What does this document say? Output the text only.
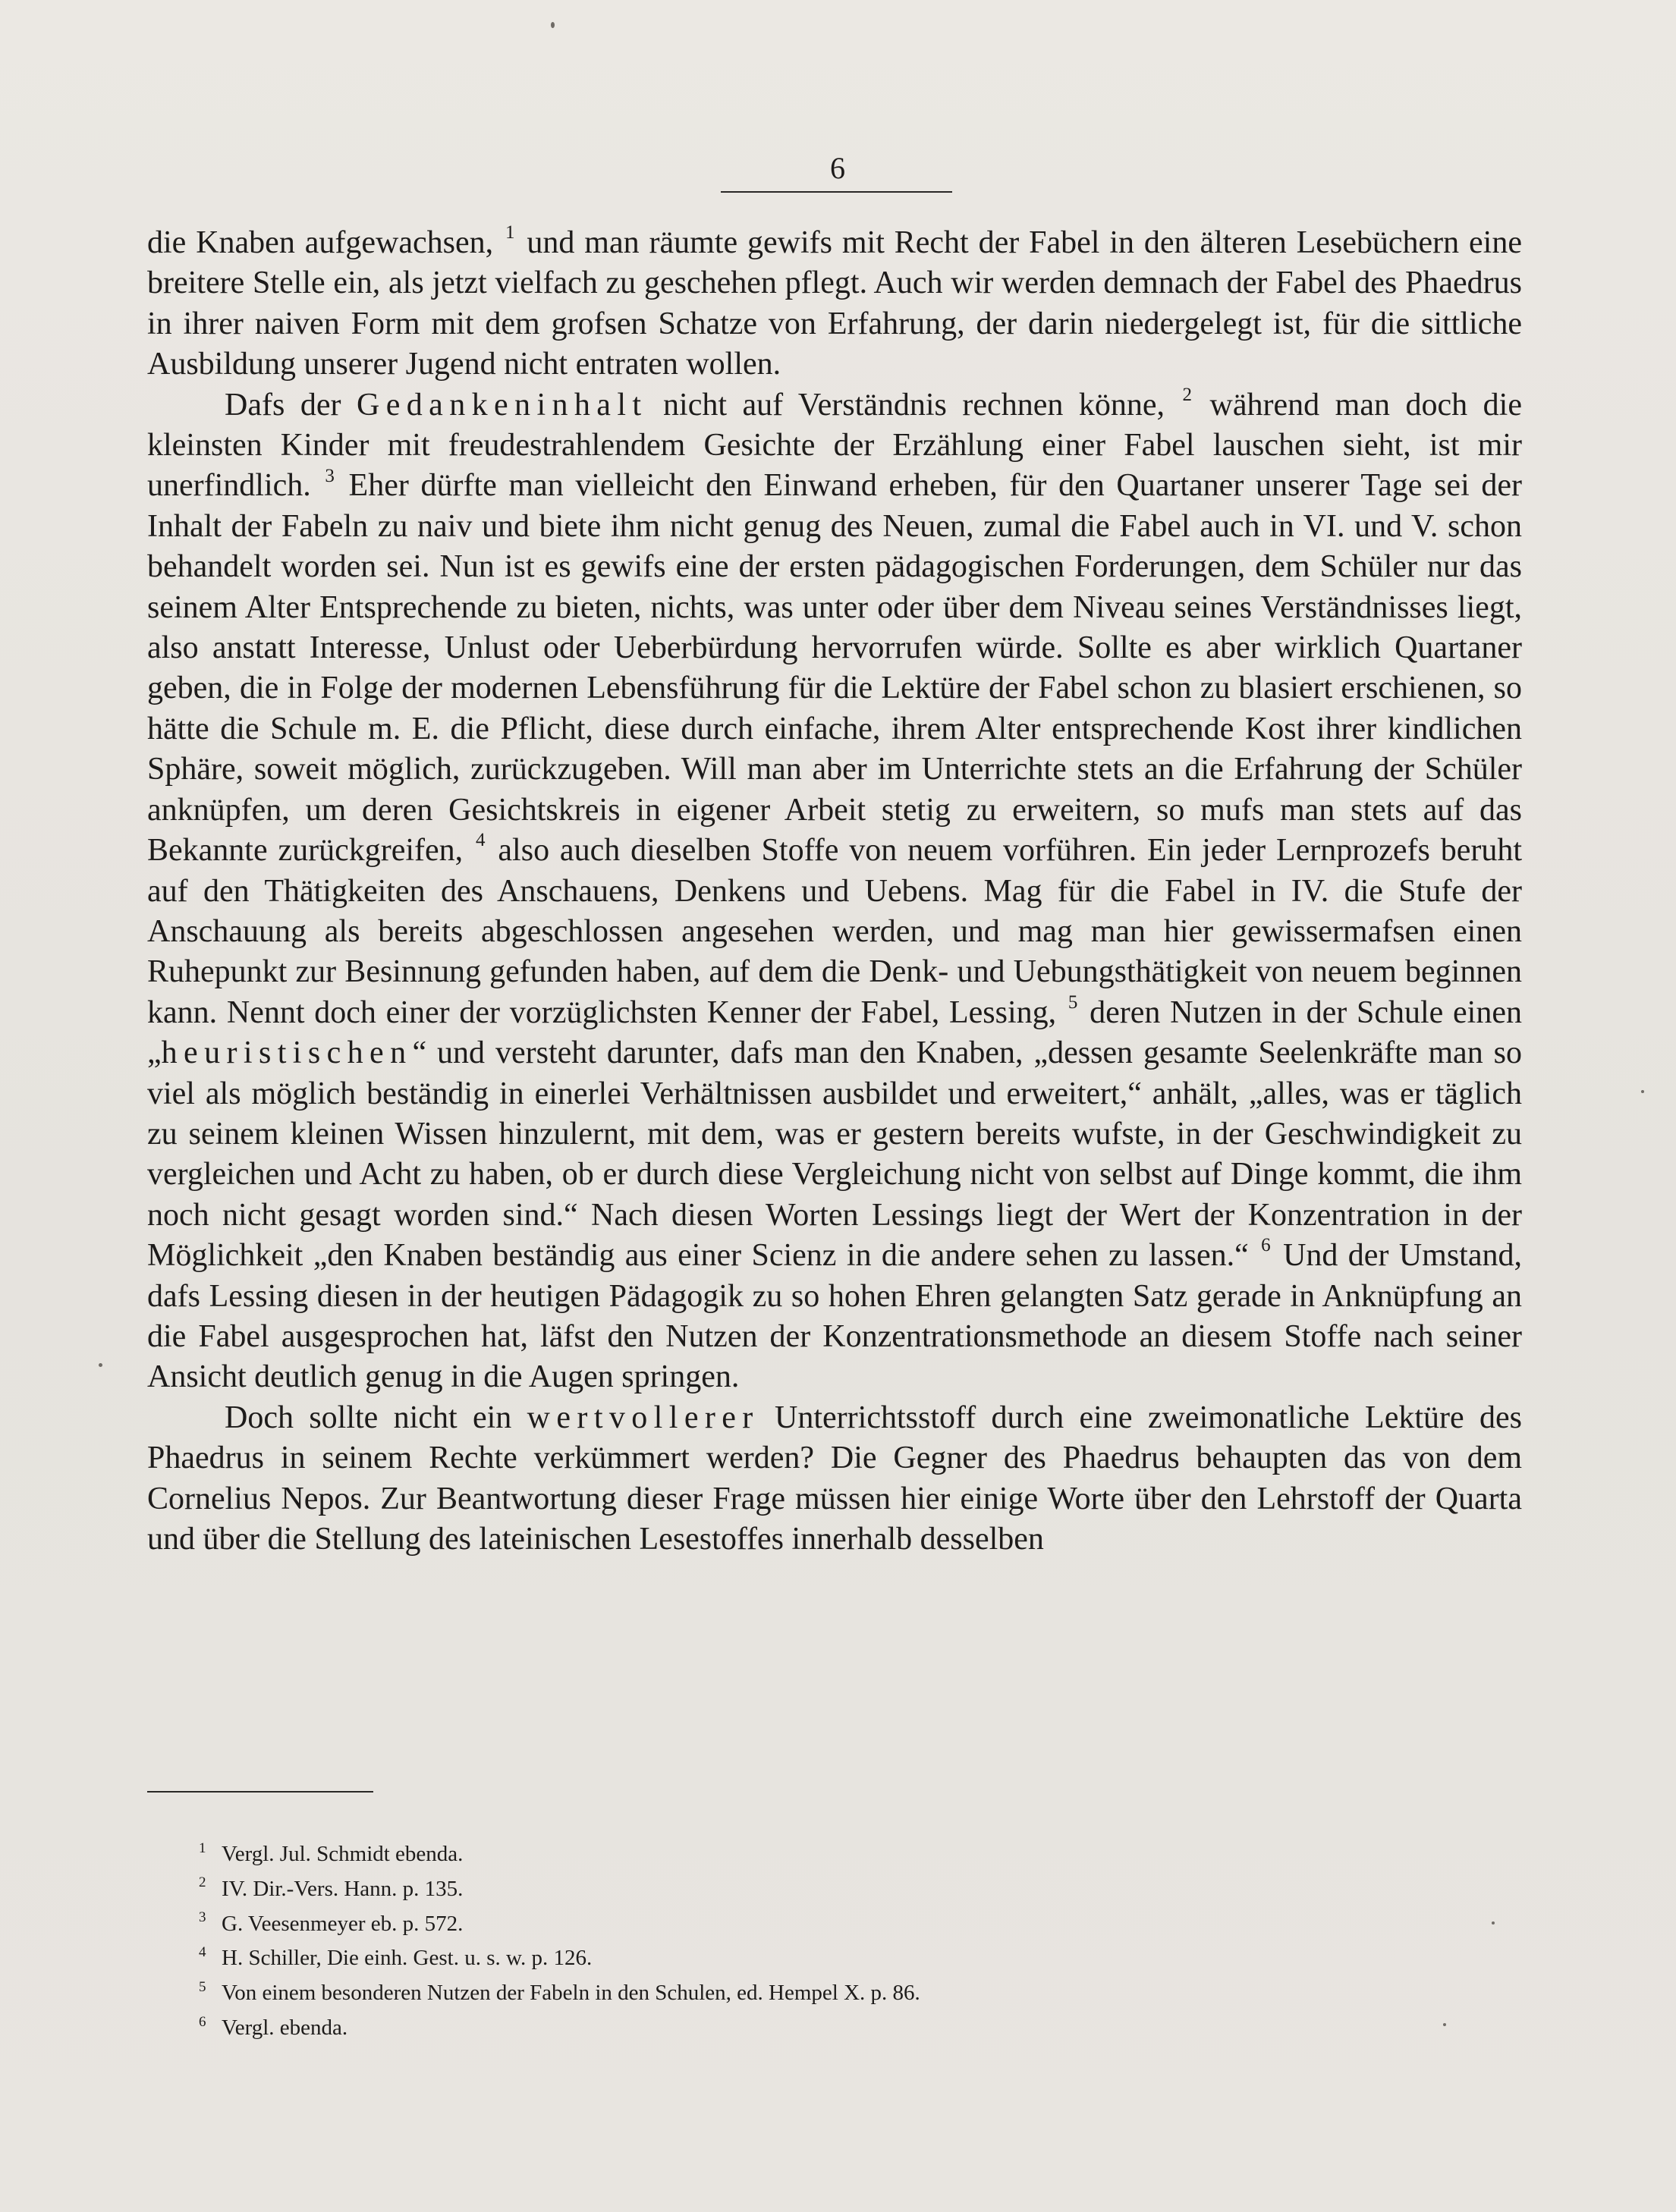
6

die Knaben aufgewachsen, $^1$ und man räumte gewifs mit Recht der Fabel in den älteren Lesebüchern eine breitere Stelle ein, als jetzt vielfach zu geschehen pflegt. Auch wir werden demnach der Fabel des Phaedrus in ihrer naiven Form mit dem grofsen Schatze von Erfahrung, der darin niedergelegt ist, für die sittliche Ausbildung unserer Jugend nicht entraten wollen.

Dafs der Gedankeninhalt nicht auf Verständnis rechnen könne, $^2$ während man doch die kleinsten Kinder mit freudestrahlendem Gesichte der Erzählung einer Fabel lauschen sieht, ist mir unerfindlich. $^3$ Eher dürfte man vielleicht den Einwand erheben, für den Quartaner unserer Tage sei der Inhalt der Fabeln zu naiv und biete ihm nicht genug des Neuen, zumal die Fabel auch in VI. und V. schon behandelt worden sei. Nun ist es gewifs eine der ersten pädagogischen Forderungen, dem Schüler nur das seinem Alter Entsprechende zu bieten, nichts, was unter oder über dem Niveau seines Verständnisses liegt, also anstatt Interesse, Unlust oder Ueberbürdung hervorrufen würde. Sollte es aber wirklich Quartaner geben, die in Folge der modernen Lebensführung für die Lektüre der Fabel schon zu blasiert erschienen, so hätte die Schule m. E. die Pflicht, diese durch einfache, ihrem Alter entsprechende Kost ihrer kindlichen Sphäre, soweit möglich, zurückzugeben. Will man aber im Unterrichte stets an die Erfahrung der Schüler anknüpfen, um deren Gesichtskreis in eigener Arbeit stetig zu erweitern, so mufs man stets auf das Bekannte zurückgreifen, $^4$ also auch dieselben Stoffe von neuem vorführen. Ein jeder Lernprozefs beruht auf den Thätigkeiten des Anschauens, Denkens und Uebens. Mag für die Fabel in IV. die Stufe der Anschauung als bereits abgeschlossen angesehen werden, und mag man hier gewissermafsen einen Ruhepunkt zur Besinnung gefunden haben, auf dem die Denk- und Uebungsthätigkeit von neuem beginnen kann. Nennt doch einer der vorzüglichsten Kenner der Fabel, Lessing, $^5$ deren Nutzen in der Schule einen „heuristischen“ und versteht darunter, dafs man den Knaben, „dessen gesamte Seelenkräfte man so viel als möglich beständig in einerlei Verhältnissen ausbildet und erweitert,“ anhält, „alles, was er täglich zu seinem kleinen Wissen hinzulernt, mit dem, was er gestern bereits wufste, in der Geschwindigkeit zu vergleichen und Acht zu haben, ob er durch diese Vergleichung nicht von selbst auf Dinge kommt, die ihm noch nicht gesagt worden sind.“ Nach diesen Worten Lessings liegt der Wert der Konzentration in der Möglichkeit „den Knaben beständig aus einer Scienz in die andere sehen zu lassen.“ $^6$ Und der Umstand, dafs Lessing diesen in der heutigen Pädagogik zu so hohen Ehren gelangten Satz gerade in Anknüpfung an die Fabel ausgesprochen hat, läfst den Nutzen der Konzentrationsmethode an diesem Stoffe nach seiner Ansicht deutlich genug in die Augen springen.

Doch sollte nicht ein wertvollerer Unterrichtsstoff durch eine zweimonatliche Lektüre des Phaedrus in seinem Rechte verkümmert werden? Die Gegner des Phaedrus behaupten das von dem Cornelius Nepos. Zur Beantwortung dieser Frage müssen hier einige Worte über den Lehrstoff der Quarta und über die Stellung des lateinischen Lesestoffes innerhalb desselben

1 Vergl. Jul. Schmidt ebenda.
2 IV. Dir.-Vers. Hann. p. 135.
3 G. Veesenmeyer eb. p. 572.
4 H. Schiller, Die einh. Gest. u. s. w. p. 126.
5 Von einem besonderen Nutzen der Fabeln in den Schulen, ed. Hempel X. p. 86.
6 Vergl. ebenda.
